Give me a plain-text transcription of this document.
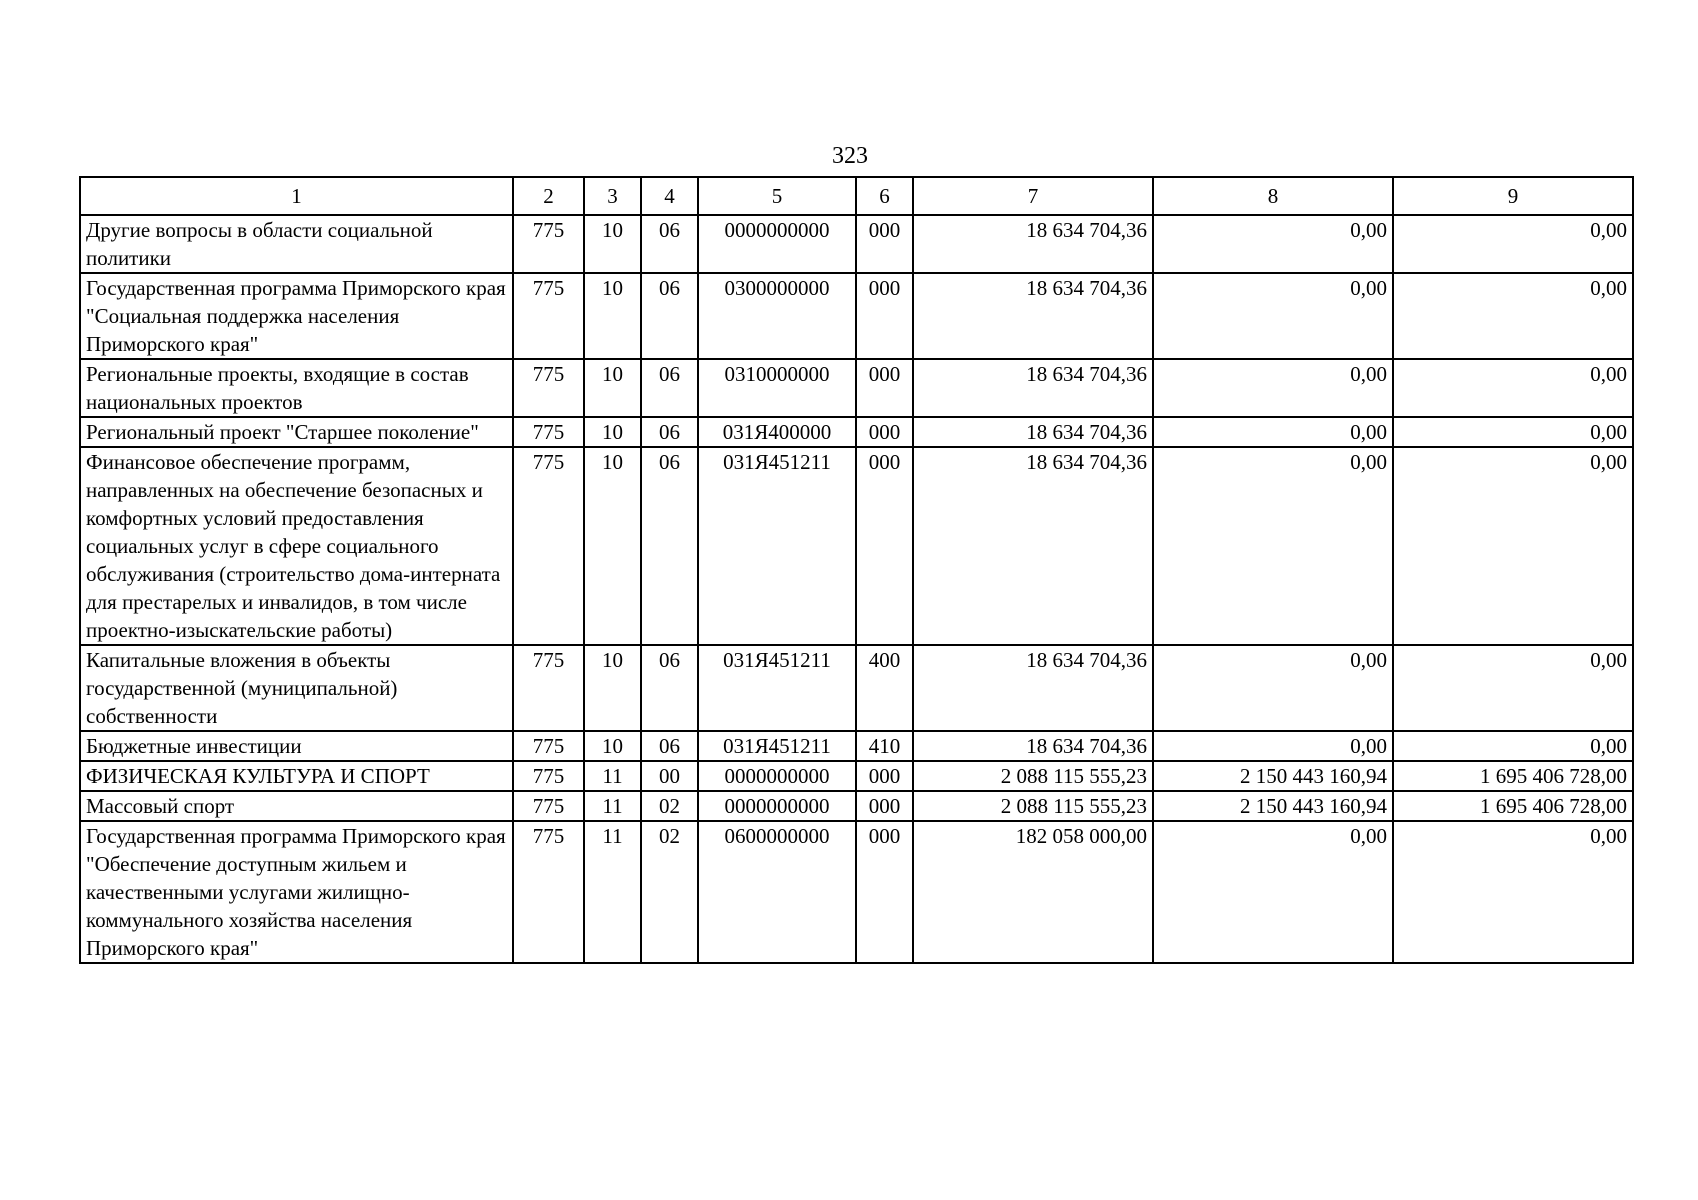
323
1	2	3	4	5	6	7	8	9
Другие вопросы в области социальной политики	775	10	06	0000000000	000	18 634 704,36	0,00	0,00
Государственная программа Приморского края "Социальная поддержка населения Приморского края"	775	10	06	0300000000	000	18 634 704,36	0,00	0,00
Региональные проекты, входящие в состав национальных проектов	775	10	06	0310000000	000	18 634 704,36	0,00	0,00
Региональный проект "Старшее поколение"	775	10	06	031Я400000	000	18 634 704,36	0,00	0,00
Финансовое обеспечение программ, направленных на обеспечение безопасных и комфортных условий предоставления социальных услуг в сфере социального обслуживания (строительство дома-интерната для престарелых и инвалидов, в том числе проектно-изыскательские работы)	775	10	06	031Я451211	000	18 634 704,36	0,00	0,00
Капитальные вложения в объекты государственной (муниципальной) собственности	775	10	06	031Я451211	400	18 634 704,36	0,00	0,00
Бюджетные инвестиции	775	10	06	031Я451211	410	18 634 704,36	0,00	0,00
ФИЗИЧЕСКАЯ КУЛЬТУРА И СПОРТ	775	11	00	0000000000	000	2 088 115 555,23	2 150 443 160,94	1 695 406 728,00
Массовый спорт	775	11	02	0000000000	000	2 088 115 555,23	2 150 443 160,94	1 695 406 728,00
Государственная программа Приморского края "Обеспечение доступным жильем и качественными услугами жилищно-коммунального хозяйства населения Приморского края"	775	11	02	0600000000	000	182 058 000,00	0,00	0,00
